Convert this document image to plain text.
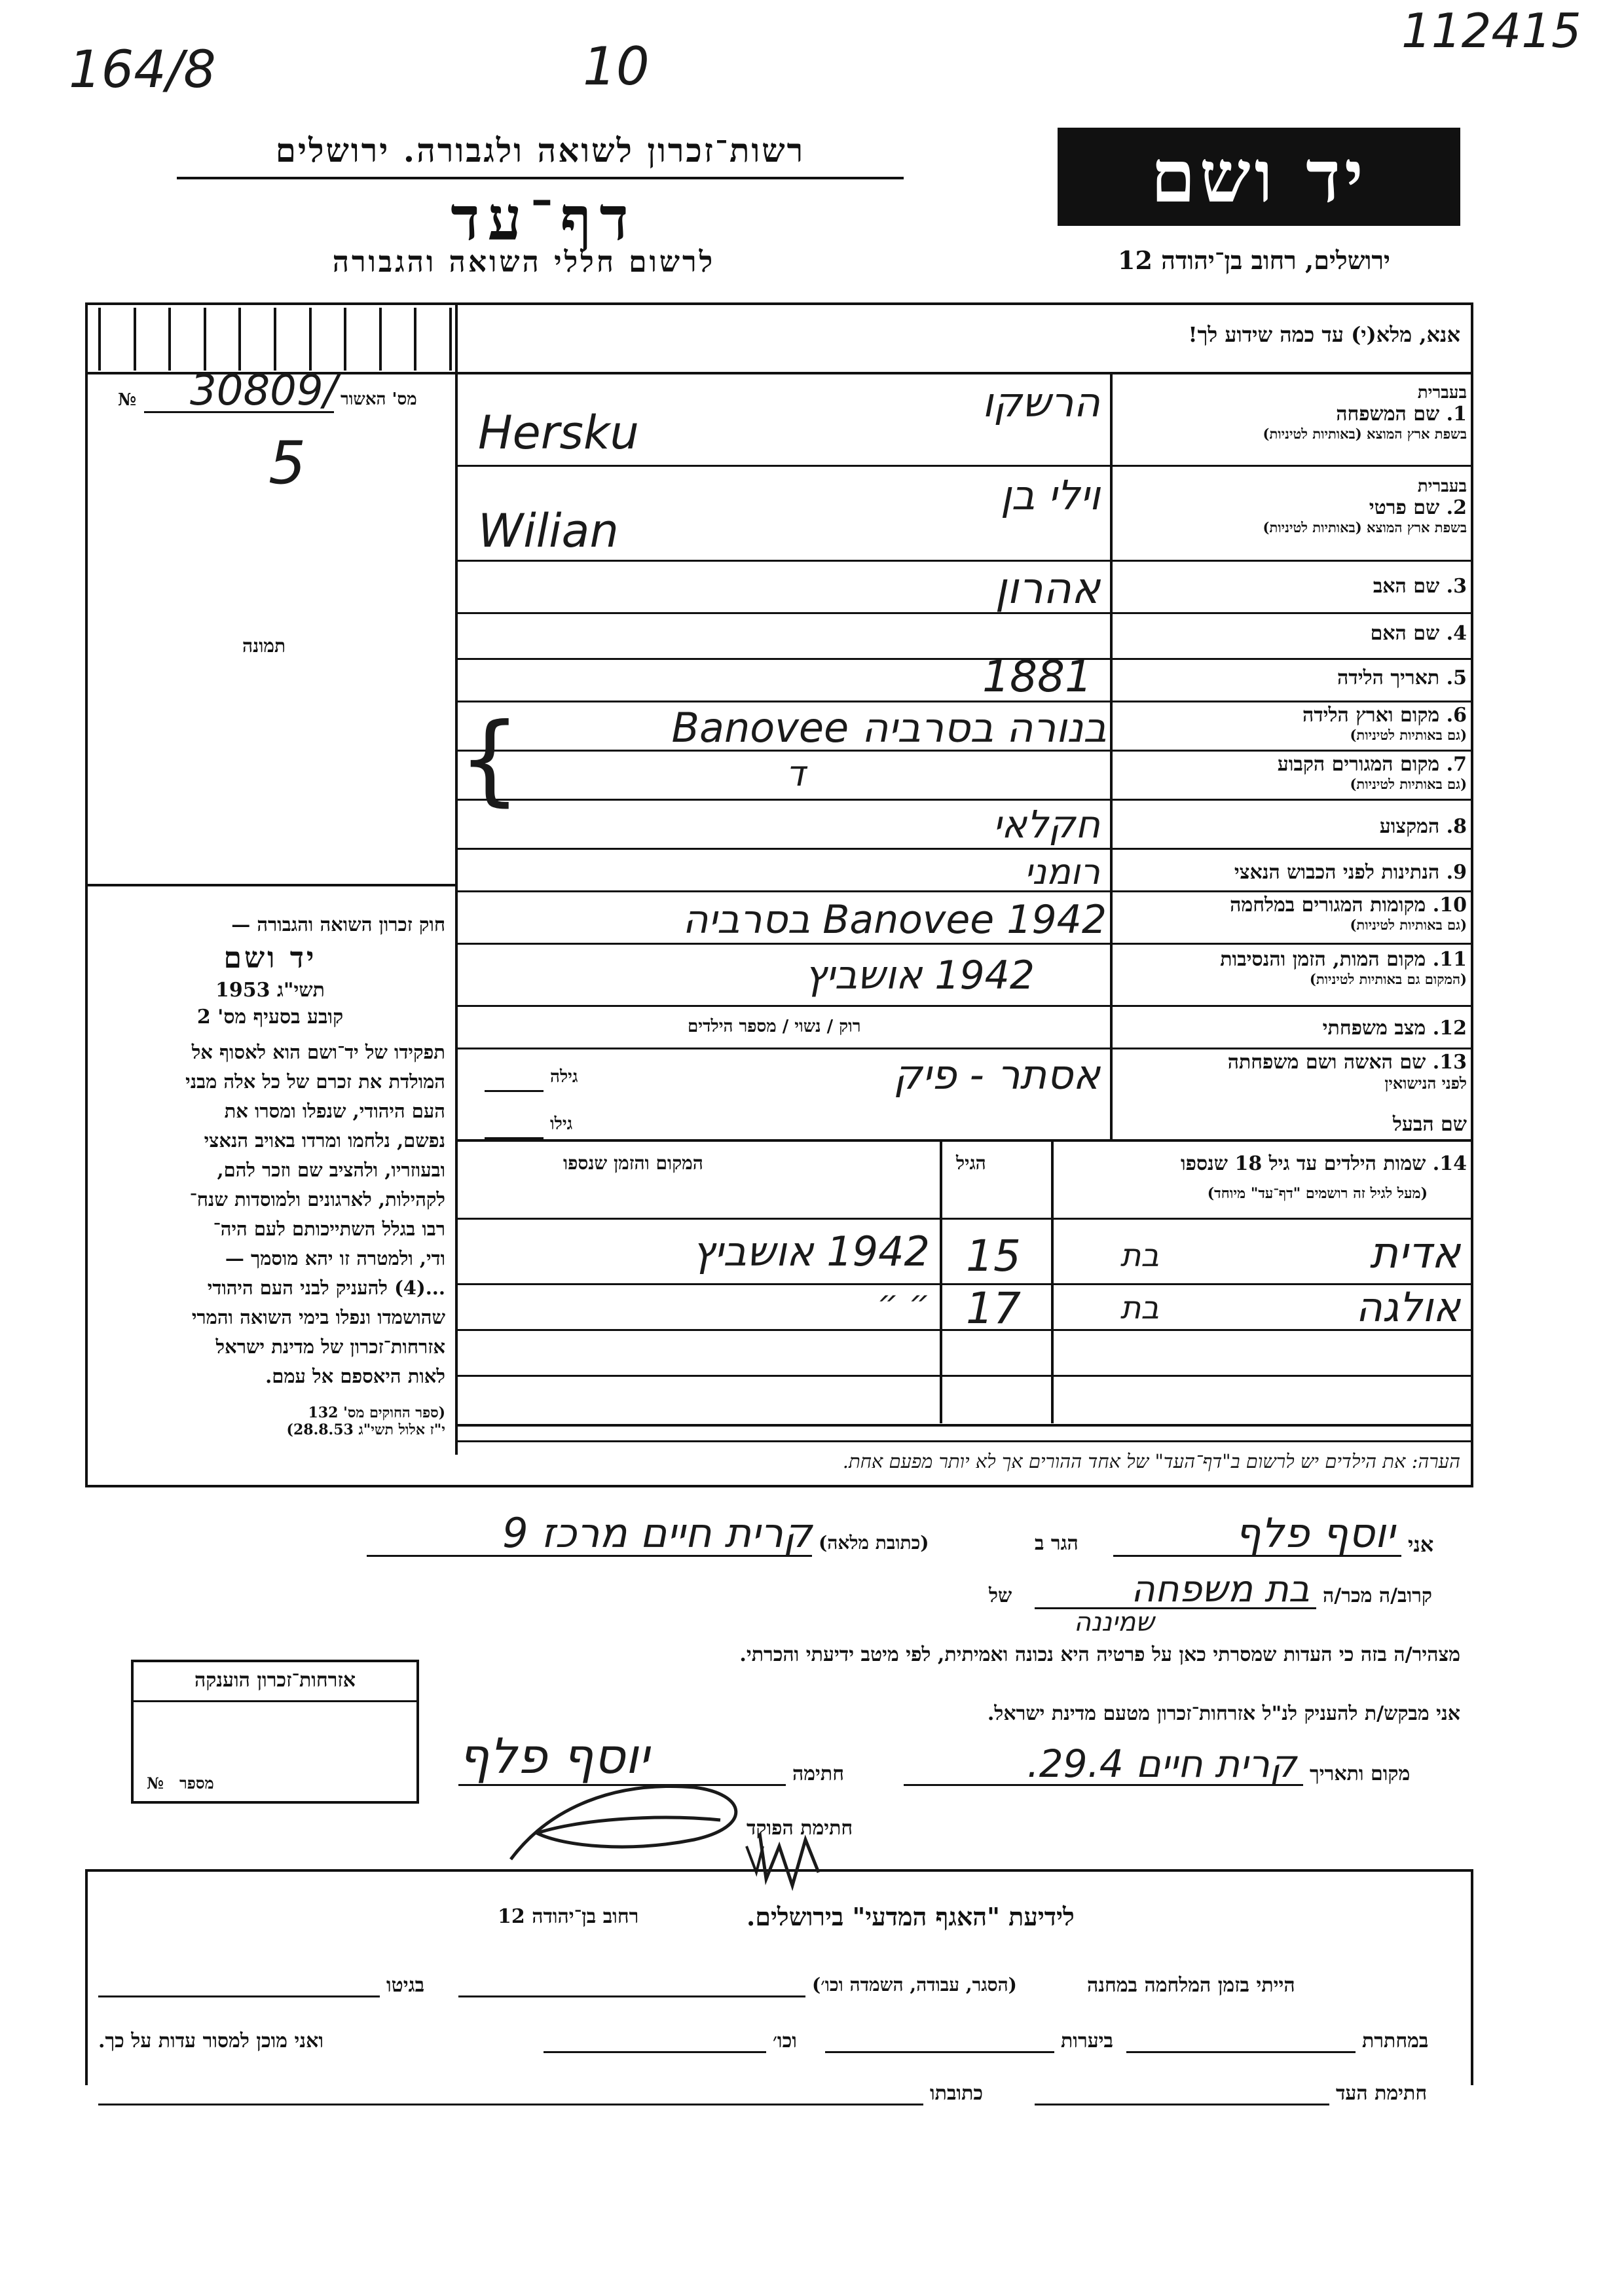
164/8	10
112415
רשות־זכרון לשואה ולגבורה. ירושלים
דף־עד
לרשום חללי השואה והגבורה
יד ושם
ירושלים, רחוב בן־יהודה 12
אנא, מלא(י) עד כמה שידוע לך!
מס' האשור
№ 30809/
5
תמונה
בעברית
1. שם המשפחה
בשפת ארץ המוצא (באותיות לטיניות)
הרשקו
Hersku
בעברית
2. שם פרטי
בשפת ארץ המוצא (באותיות לטיניות)
וילי בן
Wilian
3. שם האב
אהרון
4. שם האם
5. תאריך הלידה
1881
6. מקום וארץ הלידה
(גם באותיות לטיניות)
בנורה בסרביה Banovee
7. מקום המגורים הקבוע
(גם באותיות לטיניות)
ד
{
8. המקצוע
חקלאי
9. הנתינות לפני הכבוש הנאצי
רומני
10. מקומות המגורים במלחמה
(גם באותיות לטיניות)
Banovee 1942 בסרביה
11. מקום המות, הזמן והנסיבות
(המקום גם באותיות לטיניות)
1942 אושביץ
12. מצב משפחתי
רוק / נשוי / מספר הילדים
13. שם האשה ושם משפחתה
לפני הנישואין
אסתר - פיק
גילה
שם הבעל
גילו
14. שמות הילדים עד גיל 18 שנספו
(מעל לגיל זה רושמים "דף־עד" מיוחד)
הגיל
המקום והזמן שנספו
אדית
בת
15
1942 אושביץ
אולגה
בת
17
״ ״
הערה: את הילדים יש לרשום ב"דף־העד" של אחד ההורים אך לא יותר מפעם אחת.
חוק זכרון השואה והגבורה —
יד ושם
תשי"ג 1953
קובע בסעיף מס' 2
תפקידו של יד־ושם הוא לאסוף אל
המולדת את זכרם של כל אלה מבני
העם היהודי, שנפלו ומסרו את
נפשם, נלחמו ומרדו באויב הנאצי
ובעוזריו, ולהציב שם וזכר להם,
לקהילות, לארגונים ולמוסדות שנח־
רבו בגלל השתייכותם לעם היה־
ודי, ולמטרה זו יהא מוסמך —
...(4) להעניק לבני העם היהודי
שהושמדו ונפלו בימי השואה והמרי
אזרחות־זכרון של מדינת ישראל
לאות היאספם אל עמם.
(ספר החוקים מס' 132
י"ז אלול תשי"ג 28.8.53)
אני
יוסף פלף
הגר ב
(כתובת מלאה)
קרית חיים מרכז 9
קרוב/ה מכר/ה
בת משפחה
של
שמיננה
מצהיר/ה בזה כי העדות שמסרתי כאן על פרטיה היא נכונה ואמיתית, לפי מיטב ידיעתי והכרתי.
אני מבקש/ת להעניק לנ"ל אזרחות־זכרון מטעם מדינת ישראל.
מקום ותאריך
קרית חיים 29.4.
חתימה
יוסף פלף
חתימת הפוקד
אזרחות־זכרון הוענקה
מספר
№
לידיעת "האגף המדעי" בירושלים.
רחוב בן־יהודה 12
הייתי בזמן המלחמה במחנה
(הסגר, עבודה, השמדה וכו׳)
בגיטו
במחתרת
ביערות
וכו׳
ואני מוכן למסור עדות על כך.
חתימת העד
כתובתו
